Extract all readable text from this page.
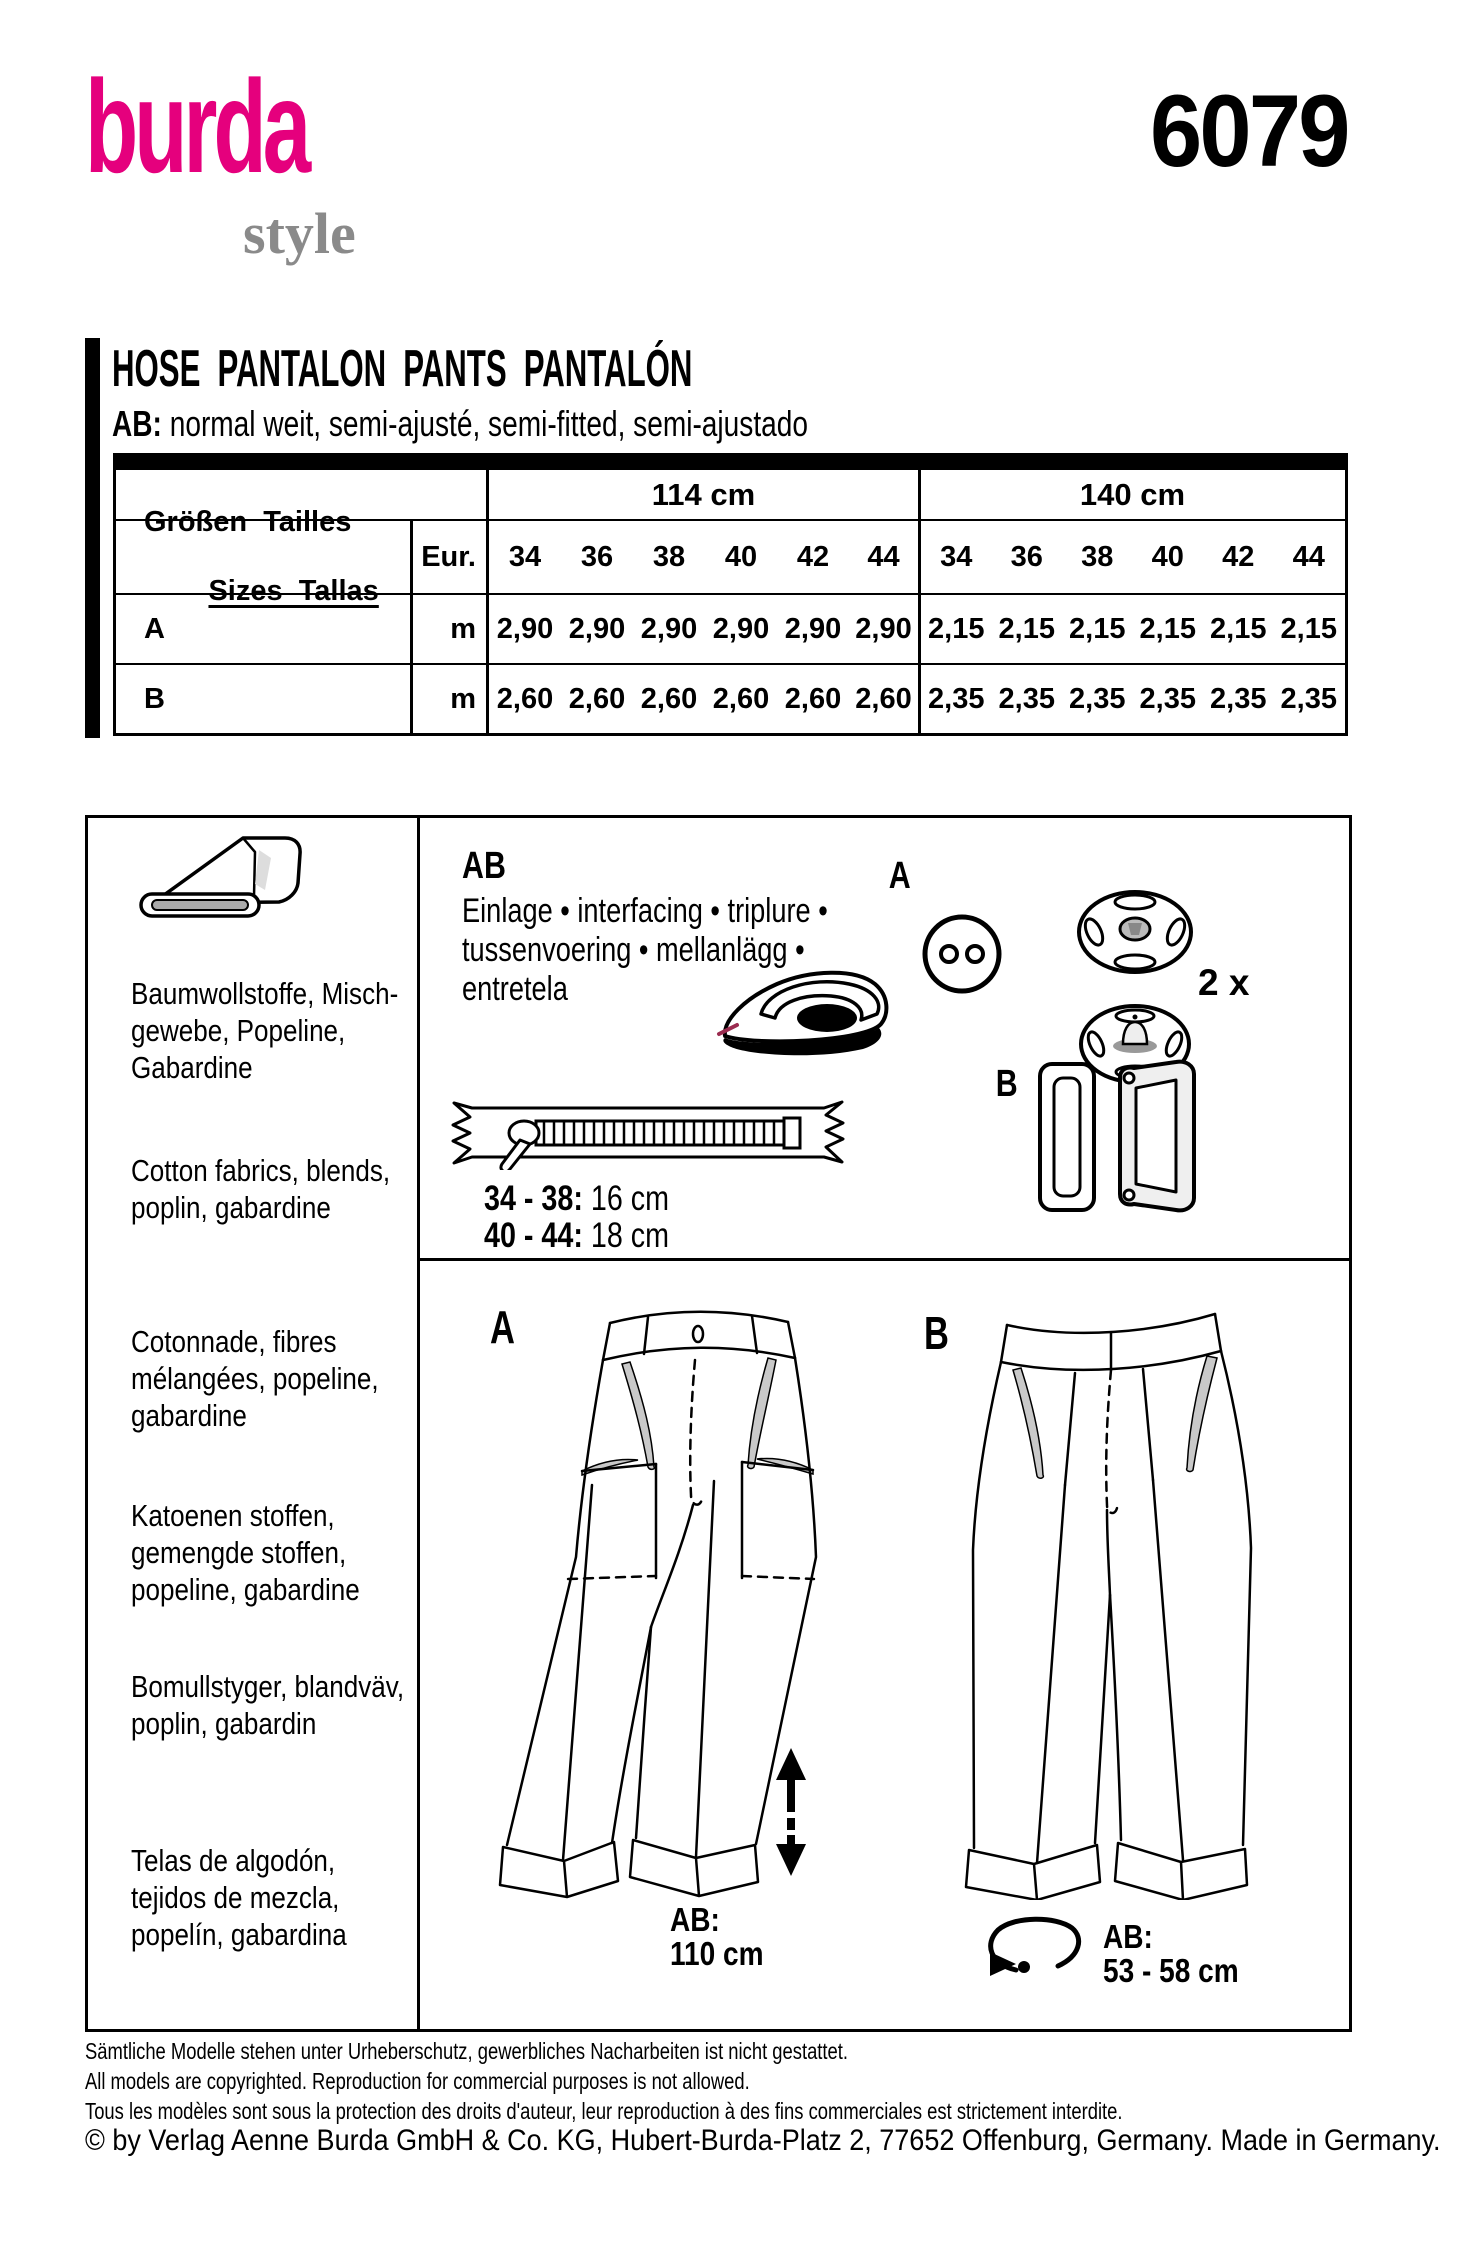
burda
style
6079
HOSE PANTALON PANTS PANTALÓN
AB: normal weit, semi-ajusté, semi-fitted, semi-ajustado
114 cm	140 cm
Größen  Tailles

Sizes  Tallas
Eur.	34	36	38	40	42	44	34	36	38	40	42	44
A	m 2,90 2,90 2,90 2,90 2,90 2,90 2,15 2,15 2,15 2,15 2,15 2,15
B	m 2,60 2,60 2,60 2,60 2,60 2,60 2,35 2,35 2,35 2,35 2,35 2,35
Baumwollstoffe, Misch-
gewebe, Popeline,
Gabardine
Cotton fabrics, blends,
poplin, gabardine
Cotonnade, fibres
mélangées, popeline,
gabardine
Katoenen stoffen,
gemengde stoffen,
popeline, gabardine
Bomullstyger, blandväv,
poplin, gabardin
Telas de algodón,
tejidos de mezcla,
popelín, gabardina
AB
Einlage • interfacing • triplure •
tussenvoering • mellanlägg •
entretela
A
2 x
B
34 - 38: 16 cm
40 - 44: 18 cm
A	B
AB:
110 cm	AB:
53 - 58 cm
Sämtliche Modelle stehen unter Urheberschutz, gewerbliches Nacharbeiten ist nicht gestattet.
All models are copyrighted. Reproduction for commercial purposes is not allowed.
Tous les modèles sont sous la protection des droits d'auteur, leur reproduction à des fins commerciales est strictement interdite.
© by Verlag Aenne Burda GmbH & Co. KG, Hubert-Burda-Platz 2, 77652 Offenburg, Germany. Made in Germany.
